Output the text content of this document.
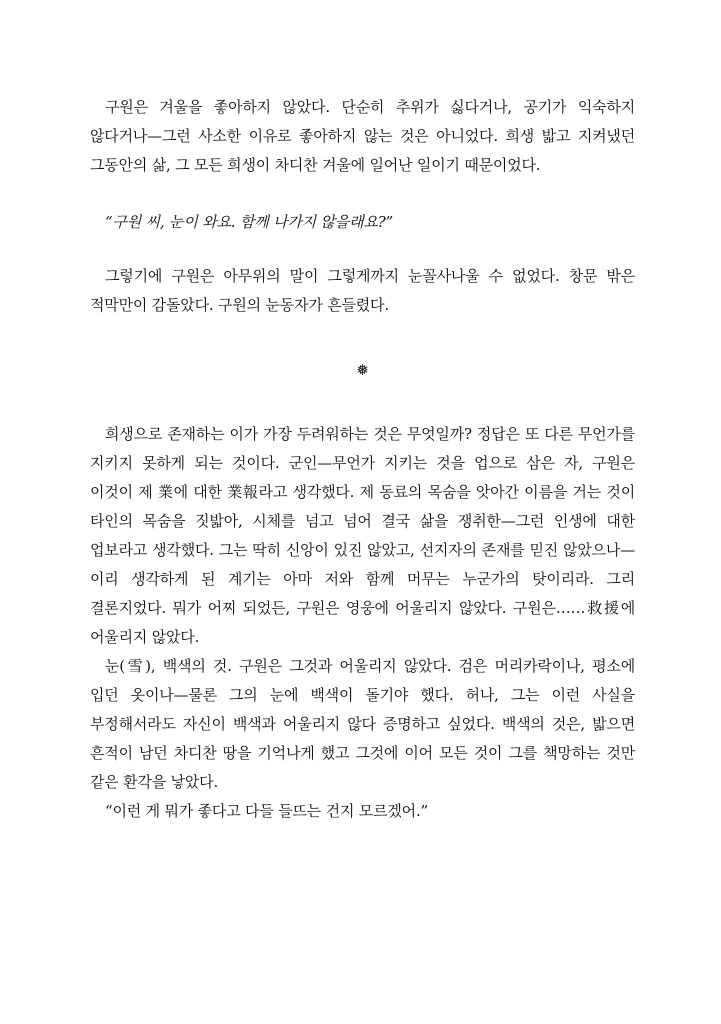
구원은 겨울을 좋아하지 않았다. 단순히 추위가 싫다거나, 공기가 익숙하지 않다거나—그런 사소한 이유로 좋아하지 않는 것은 아니었다. 희생 밟고 지켜냈던 그동안의 삶, 그 모든 희생이 차디찬 겨울에 일어난 일이기 때문이었다.

“구원 씨, 눈이 와요. 함께 나가지 않을래요?”

그렇기에 구원은 아무위의 말이 그렇게까지 눈꼴사나울 수 없었다. 창문 밖은 적막만이 감돌았다. 구원의 눈동자가 흔들렸다.

❅

희생으로 존재하는 이가 가장 두려워하는 것은 무엇일까? 정답은 또 다른 무언가를 지키지 못하게 되는 것이다. 군인—무언가 지키는 것을 업으로 삼은 자, 구원은 이것이 제 業에 대한 業報라고 생각했다. 제 동료의 목숨을 앗아간 이름을 거는 것이 타인의 목숨을 짓밟아, 시체를 넘고 넘어 결국 삶을 쟁취한—그런 인생에 대한 업보라고 생각했다. 그는 딱히 신앙이 있진 않았고, 선지자의 존재를 믿진 않았으나—이리 생각하게 된 계기는 아마 저와 함께 머무는 누군가의 탓이리라. 그리 결론지었다. 뭐가 어찌 되었든, 구원은 영웅에 어울리지 않았다. 구원은……救援에 어울리지 않았다.

눈(雪), 백색의 것. 구원은 그것과 어울리지 않았다. 검은 머리카락이나, 평소에 입던 옷이나—물론 그의 눈에 백색이 돌기야 했다. 허나, 그는 이런 사실을 부정해서라도 자신이 백색과 어울리지 않다 증명하고 싶었다. 백색의 것은, 밟으면 흔적이 남던 차디찬 땅을 기억나게 했고 그것에 이어 모든 것이 그를 책망하는 것만 같은 환각을 낳았다.

“이런 게 뭐가 좋다고 다들 들뜨는 건지 모르겠어.”
